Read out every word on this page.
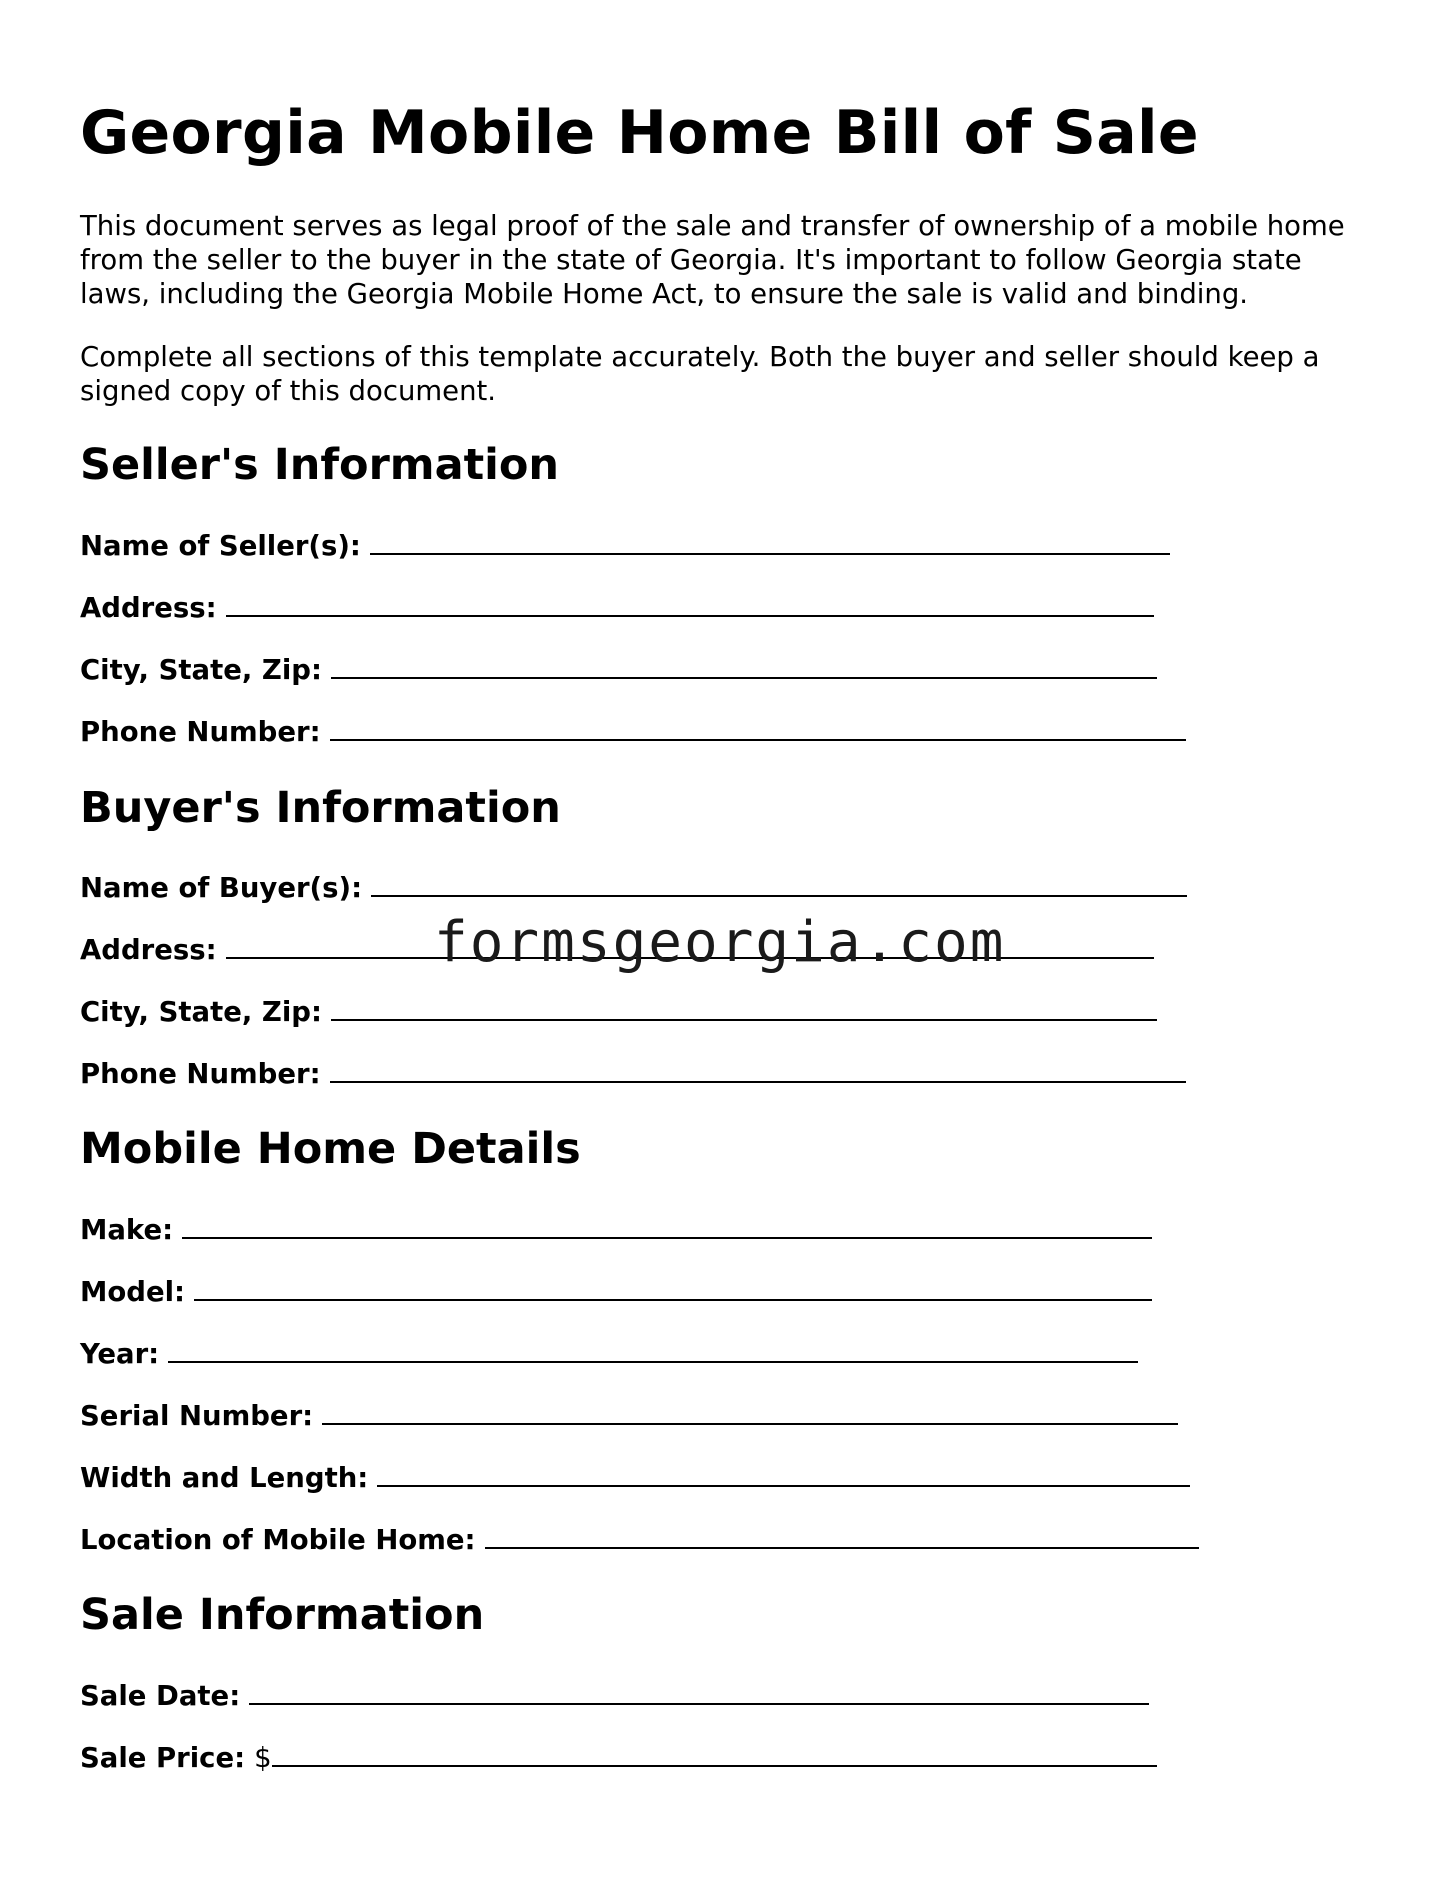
Georgia Mobile Home Bill of Sale

This document serves as legal proof of the sale and transfer of ownership of a mobile home from the seller to the buyer in the state of Georgia. It's important to follow Georgia state laws, including the Georgia Mobile Home Act, to ensure the sale is valid and binding.

Complete all sections of this template accurately. Both the buyer and seller should keep a signed copy of this document.

Seller's Information
Name of Seller(s):
Address:
City, State, Zip:
Phone Number:
Buyer's Information
Name of Buyer(s):
Address:
City, State, Zip:
Phone Number:
Mobile Home Details
Make:
Model:
Year:
Serial Number:
Width and Length:
Location of Mobile Home:
Sale Information
Sale Date:
Sale Price: $
formsgeorgia.com
